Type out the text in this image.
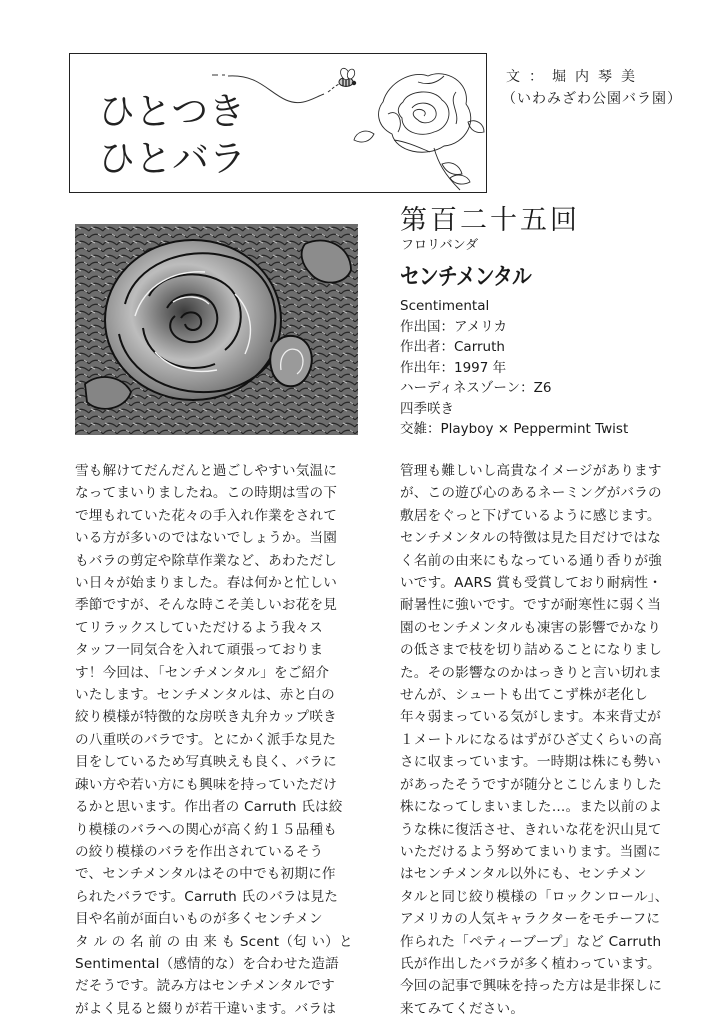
ひとつき
ひとバラ
文：堀内琴美
（いわみざわ公園バラ園）
第百二十五回
フロリバンダ
センチメンタル
Scentimental
作出国：アメリカ
作出者：Carruth
作出年：1997 年
ハーディネスゾーン：Z6
四季咲き
交雑：Playboy × Peppermint Twist

雪も解けてだんだんと過ごしやすい気温に

なってまいりましたね。この時期は雪の下

で埋もれていた花々の手入れ作業をされて

いる方が多いのではないでしょうか。当園

もバラの剪定や除草作業など、あわただし

い日々が始まりました。春は何かと忙しい

季節ですが、そんな時こそ美しいお花を見

てリラックスしていただけるよう我々ス

タッフ一同気合を入れて頑張っておりま

す！今回は、「センチメンタル」をご紹介

いたします。センチメンタルは、赤と白の

絞り模様が特徴的な房咲き丸弁カップ咲き

の八重咲のバラです。とにかく派手な見た

目をしているため写真映えも良く、バラに

疎い方や若い方にも興味を持っていただけ

るかと思います。作出者の Carruth 氏は絞

り模様のバラへの関心が高く約１５品種も

の絞り模様のバラを作出されているそう

で、センチメンタルはその中でも初期に作

られたバラです。Carruth 氏のバラは見た

目や名前が面白いものが多くセンチメン

タ ル の 名 前 の 由 来 も Scent（匂 い）と

Sentimental（感情的な）を合わせた造語

だそうです。読み方はセンチメンタルです

がよく見ると綴りが若干違います。バラは

管理も難しいし高貴なイメージがあります

が、この遊び心のあるネーミングがバラの

敷居をぐっと下げているように感じます。

センチメンタルの特徴は見た目だけではな

く名前の由来にもなっている通り香りが強

いです。AARS 賞も受賞しており耐病性・

耐暑性に強いです。ですが耐寒性に弱く当

園のセンチメンタルも凍害の影響でかなり

の低さまで枝を切り詰めることになりまし

た。その影響なのかはっきりと言い切れま

せんが、シュートも出てこず株が老化し

年々弱まっている気がします。本来背丈が

１メートルになるはずがひざ丈くらいの高

さに収まっています。一時期は株にも勢い

があったそうですが随分とこじんまりした

株になってしまいました…。また以前のよ

うな株に復活させ、きれいな花を沢山見て

いただけるよう努めてまいります。当園に

はセンチメンタル以外にも、センチメン

タルと同じ絞り模様の「ロックンロール」、

アメリカの人気キャラクターをモチーフに

作られた「ペティーブープ」など Carruth

氏が作出したバラが多く植わっています。

今回の記事で興味を持った方は是非探しに

来てみてください。
